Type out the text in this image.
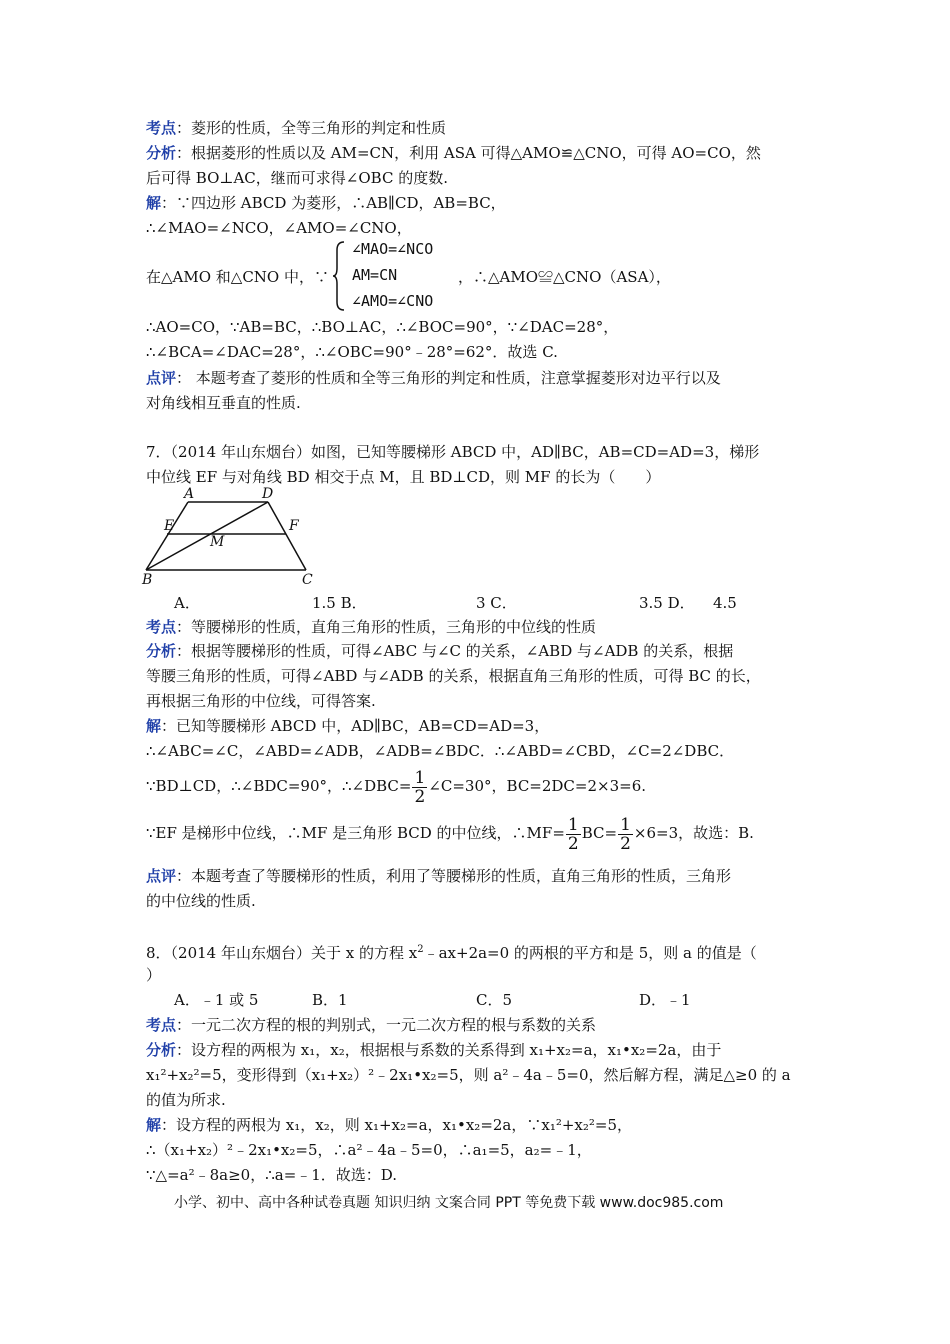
考点：菱形的性质，全等三角形的判定和性质
分析：根据菱形的性质以及 AM=CN，利用 ASA 可得△AMO≌△CNO，可得 AO=CO，然
后可得 BO⊥AC，继而可求得∠OBC 的度数.
解：∵四边形 ABCD 为菱形，∴AB∥CD，AB=BC，
∴∠MAO=∠NCO，∠AMO=∠CNO，
在△AMO 和△CNO 中，∵
∠MAO=∠NCO
AM=CN
∠AMO=∠CNO
，∴△AMO≌△CNO（ASA），
∴AO=CO，∵AB=BC，∴BO⊥AC，∴∠BOC=90°，∵∠DAC=28°，
∴∠BCA=∠DAC=28°，∴∠OBC=90°﹣28°=62°．故选 C.
点评： 本题考查了菱形的性质和全等三角形的判定和性质，注意掌握菱形对边平行以及
对角线相互垂直的性质.
7．（2014 年山东烟台）如图，已知等腰梯形 ABCD 中，AD∥BC，AB=CD=AD=3，梯形
中位线 EF 与对角线 BD 相交于点 M，且 BD⊥CD，则 MF 的长为（　　）
A	D
E	F
M
B	C
A．	1.5 B．	3 C．	3.5 D． 4.5
考点：等腰梯形的性质，直角三角形的性质，三角形的中位线的性质
分析：根据等腰梯形的性质，可得∠ABC 与∠C 的关系，∠ABD 与∠ADB 的关系，根据
等腰三角形的性质，可得∠ABD 与∠ADB 的关系，根据直角三角形的性质，可得 BC 的长，
再根据三角形的中位线，可得答案.
解：已知等腰梯形 ABCD 中，AD∥BC，AB=CD=AD=3，
∴∠ABC=∠C，∠ABD=∠ADB，∠ADB=∠BDC．∴∠ABD=∠CBD，∠C=2∠DBC．
∵BD⊥CD，∴∠BDC=90°，∴∠DBC= $\frac{1}{2}$ ∠C=30°，BC=2DC=2×3=6.
∵EF 是梯形中位线，∴MF 是三角形 BCD 的中位线，∴MF= $\frac{1}{2} BC= \frac{1}{2} \times 6=3$，故选：B.
点评：本题考查了等腰梯形的性质，利用了等腰梯形的性质，直角三角形的性质，三角形
的中位线的性质.
8．（2014 年山东烟台）关于 x 的方程 $x^2﹣ax+2a=0$ 的两根的平方和是 5，则 a 的值是（
）
A．﹣1 或 5	B．1	C．5	D．﹣1
考点：一元二次方程的根的判别式，一元二次方程的根与系数的关系
分析：设方程的两根为 x₁，x₂，根据根与系数的关系得到 x₁+x₂=a，x₁•x₂=2a，由于
x₁²+x₂²=5，变形得到（x₁+x₂）²﹣2x₁•x₂=5，则 a²﹣4a﹣5=0，然后解方程，满足△≥0 的 a
的值为所求.
解：设方程的两根为 x₁，x₂，则 x₁+x₂=a，x₁•x₂=2a，∵x₁²+x₂²=5，
∴（x₁+x₂）²﹣2x₁•x₂=5，∴a²﹣4a﹣5=0，∴a₁=5，a₂=﹣1，
∵△=a²﹣8a≥0，∴a=﹣1．故选：D.
小学、初中、高中各种试卷真题 知识归纳 文案合同 PPT 等免费下载 www.doc985.com
